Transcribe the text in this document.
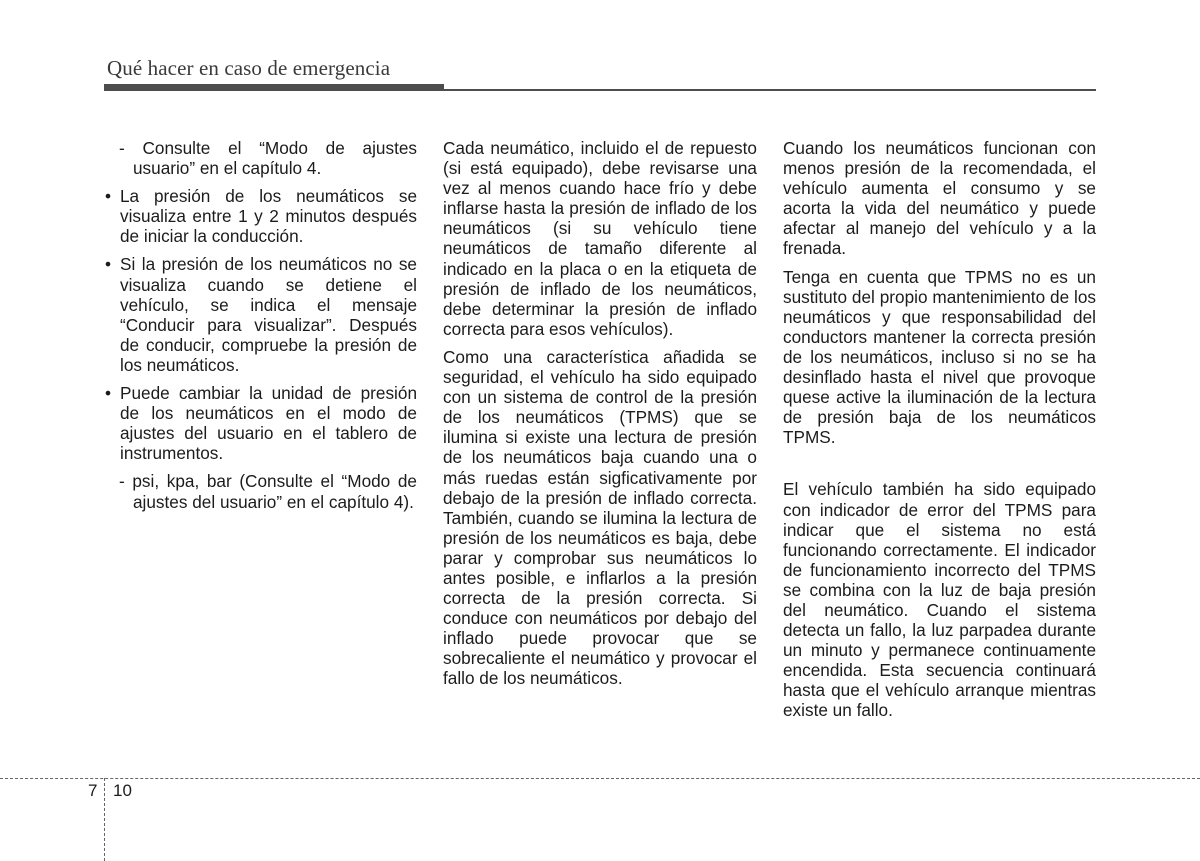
Qué hacer en caso de emergencia

- Consulte el “Modo de ajustes usuario” en el capítulo 4.

• La presión de los neumáticos se visualiza entre 1 y 2 minutos después de iniciar la conducción.
• Si la presión de los neumáticos no se visualiza cuando se detiene el vehículo, se indica el mensaje “Conducir para visualizar”. Después de conducir, compruebe la presión de los neumáticos.
• Puede cambiar la unidad de presión de los neumáticos en el modo de ajustes del usuario en el tablero de instrumentos.

- psi, kpa, bar (Consulte el “Modo de ajustes del usuario” en el capítulo 4).

Cada neumático, incluido el de repuesto (si está equipado), debe revisarse una vez al menos cuando hace frío y debe inflarse hasta la presión de inflado de los neumáticos (si su vehículo tiene neumáticos de tamaño diferente al indicado en la placa o en la etiqueta de presión de inflado de los neumáticos, debe determinar la presión de inflado correcta para esos vehículos).

Como una característica añadida se seguridad, el vehículo ha sido equipado con un sistema de control de la presión de los neumáticos (TPMS) que se ilumina si existe una lectura de presión de los neumáticos baja cuando una o más ruedas están sigficativamente por debajo de la presión de inflado correcta. También, cuando se ilumina la lectura de presión de los neumáticos es baja, debe parar y comprobar sus neumáticos lo antes posible, e inflarlos a la presión correcta de la presión correcta. Si conduce con neumáticos por debajo del inflado puede provocar que se sobrecaliente el neumático y provocar el fallo de los neumáticos.

Cuando los neumáticos funcionan con menos presión de la recomendada, el vehículo aumenta el consumo y se acorta la vida del neumático y puede afectar al manejo del vehículo y a la frenada.

Tenga en cuenta que TPMS no es un sustituto del propio mantenimiento de los neumáticos y que responsabilidad del conductors mantener la correcta presión de los neumáticos, incluso si no se ha desinflado hasta el nivel que provoque quese active la iluminación de la lectura de presión baja de los neumáticos TPMS.

El vehículo también ha sido equipado con indicador de error del TPMS para indicar que el sistema no está funcionando correctamente. El indicador de funcionamiento incorrecto del TPMS se combina con la luz de baja presión del neumático. Cuando el sistema detecta un fallo, la luz parpadea durante un minuto y permanece continuamente encendida. Esta secuencia continuará hasta que el vehículo arranque mientras existe un fallo.

7 10
